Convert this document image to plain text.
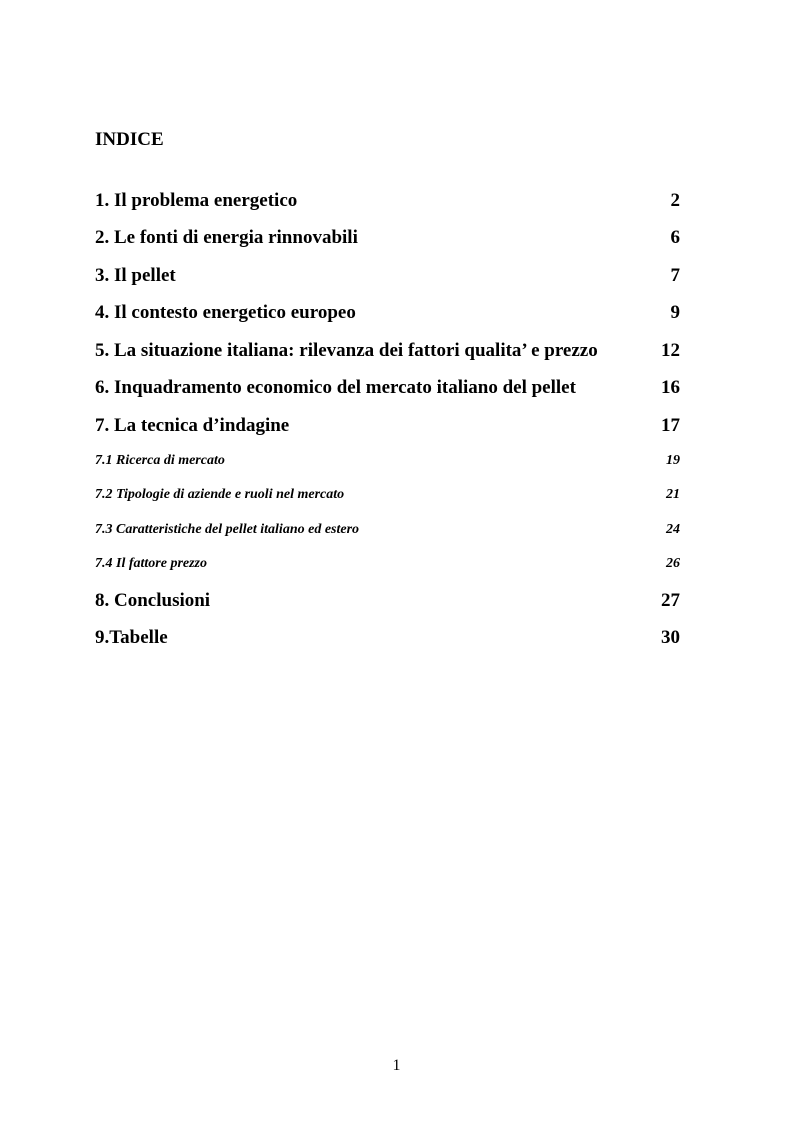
INDICE
1. Il problema energetico	2
2. Le fonti di energia rinnovabili	6
3. Il pellet	7
4. Il contesto energetico europeo	9
5. La situazione italiana: rilevanza dei fattori qualita’ e prezzo	12
6. Inquadramento economico del mercato italiano del pellet	16
7. La tecnica d’indagine	17
7.1 Ricerca di mercato	19
7.2 Tipologie di aziende e ruoli nel mercato	21
7.3 Caratteristiche del pellet italiano ed estero	24
7.4 Il fattore prezzo	26
8. Conclusioni	27
9.Tabelle	30
1
